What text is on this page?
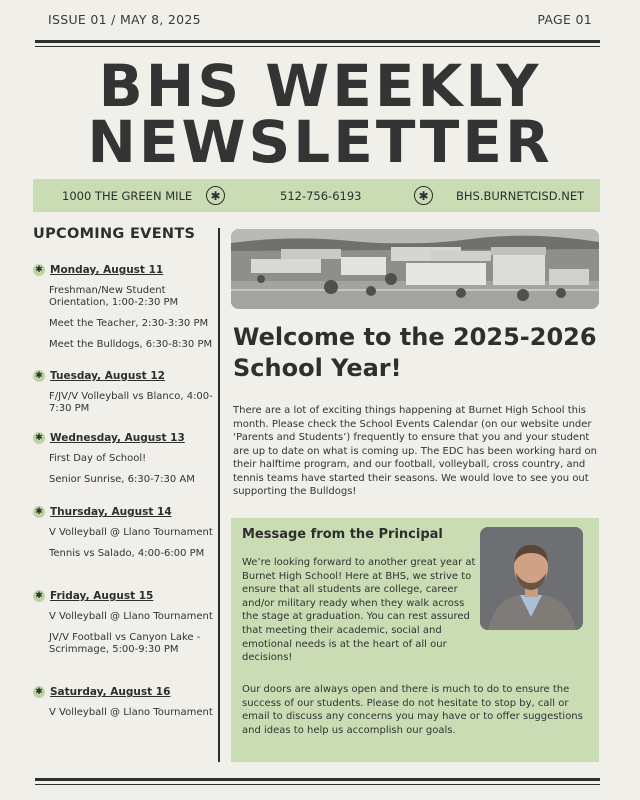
ISSUE 01 / MAY 8, 2025	PAGE 01
BHS WEEKLY
NEWSLETTER
1000 THE GREEN MILE	✱	512-756-6193	✱	BHS.BURNETCISD.NET
UPCOMING EVENTS
✱ Monday, August 11
Freshman/New Student Orientation, 1:00-2:30 PM
Meet the Teacher, 2:30-3:30 PM
Meet the Bulldogs, 6:30-8:30 PM
✱ Tuesday, August 12
F/JV/V Volleyball vs Blanco, 4:00-7:30 PM
✱ Wednesday, August 13
First Day of School!
Senior Sunrise, 6:30-7:30 AM
✱ Thursday, August 14
V Volleyball @ Llano Tournament
Tennis vs Salado, 4:00-6:00 PM
✱ Friday, August 15
V Volleyball @ Llano Tournament
JV/V Football vs Canyon Lake - Scrimmage, 5:00-9:30 PM
✱ Saturday, August 16
V Volleyball @ Llano Tournament
Welcome to the 2025-2026 School Year!
There are a lot of exciting things happening at Burnet High School this month. Please check the School Events Calendar (on our website under ‘Parents and Students’) frequently to ensure that you and your student are up to date on what is coming up. The EDC has been working hard on their halftime program, and our football, volleyball, cross country, and tennis teams have started their seasons. We would love to see you out supporting the Bulldogs!
Message from the Principal
We’re looking forward to another great year at Burnet High School! Here at BHS, we strive to ensure that all students are college, career and/or military ready when they walk across the stage at graduation. You can rest assured that meeting their academic, social and emotional needs is at the heart of all our decisions!
Our doors are always open and there is much to do to ensure the success of our students. Please do not hesitate to stop by, call or email to discuss any concerns you may have or to offer suggestions and ideas to help us accomplish our goals.
